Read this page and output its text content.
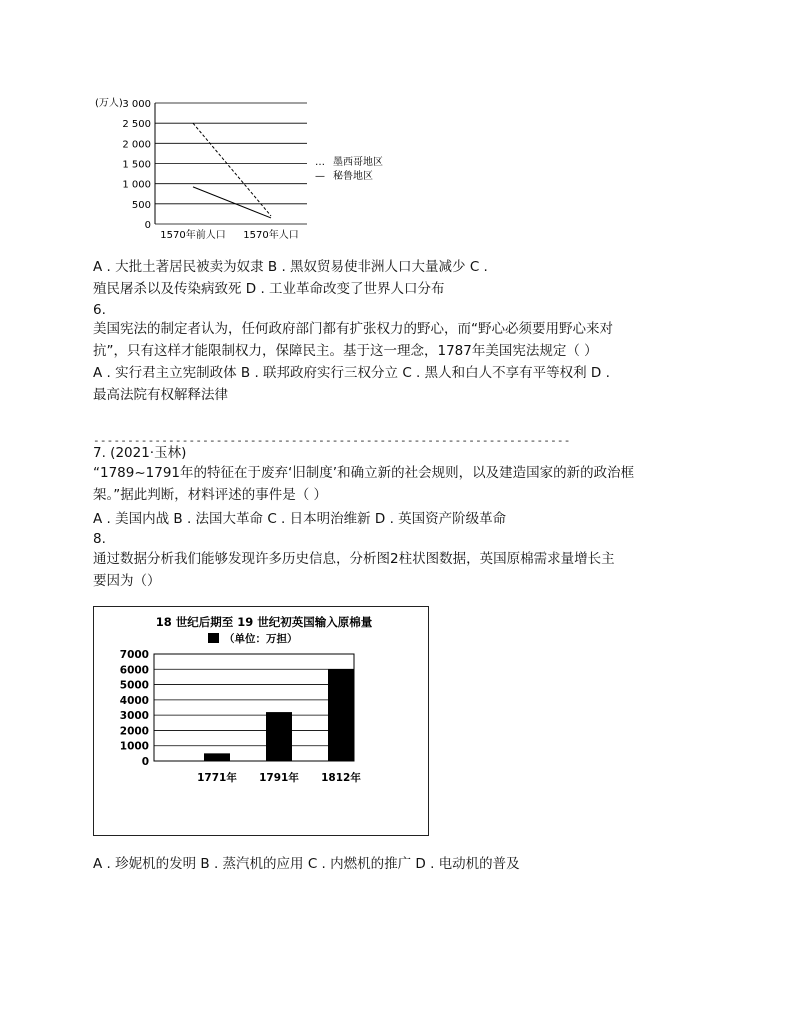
(万人) 3 000
2 500
2 000
1 500
1 000
500
0
1570年前人口 1570年人口
… 墨西哥地区
— 秘鲁地区
A . 大批土著居民被卖为奴隶 B . 黑奴贸易使非洲人口大量减少 C .
殖民屠杀以及传染病致死 D . 工业革命改变了世界人口分布
6.
美国宪法的制定者认为，任何政府部门都有扩张权力的野心，而“野心必须要用野心来对
抗”，只有这样才能限制权力，保障民主。基于这一理念，1787年美国宪法规定（ ）
A . 实行君主立宪制政体 B . 联邦政府实行三权分立 C . 黑人和白人不享有平等权利 D .
最高法院有权解释法律
----------------------------------------------------------------------
7. (2021·玉林)
“1789~1791年的特征在于废弃‘旧制度’和确立新的社会规则，以及建造国家的新的政治框
架。”据此判断，材料评述的事件是（ ）
A . 美国内战 B . 法国大革命 C . 日本明治维新 D . 英国资产阶级革命
8.
通过数据分析我们能够发现许多历史信息，分析图2柱状图数据，英国原棉需求量增长主
要因为（）
18 世纪后期至 19 世纪初英国输入原棉量
（单位：万担）
7000
6000
5000
4000
3000
2000
1000
0
1771年 1791年 1812年
A . 珍妮机的发明 B . 蒸汽机的应用 C . 内燃机的推广 D . 电动机的普及
